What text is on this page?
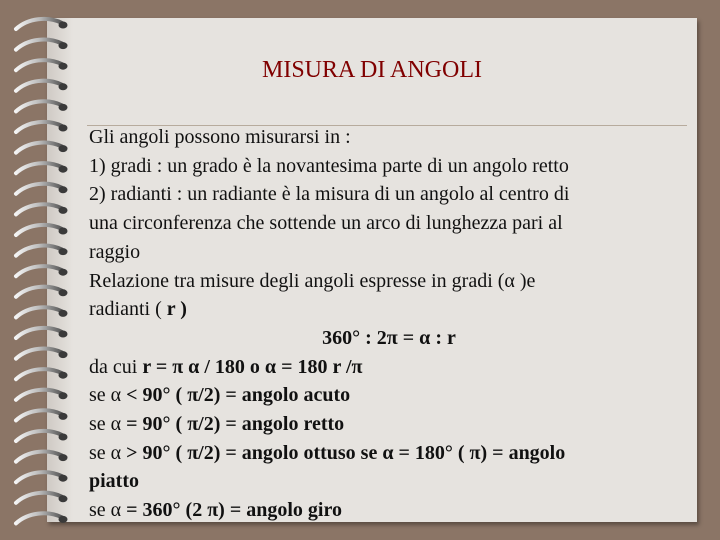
MISURA DI ANGOLI
Gli angoli possono misurarsi in :
1) gradi : un grado è la novantesima parte di un angolo retto
2) radianti : un radiante è la misura di un angolo al centro di
una circonferenza che sottende un arco di lunghezza pari al
raggio
Relazione tra misure degli angoli espresse in gradi (α )e
radianti ( r )
360° : 2π = α : r
da cui r = π α / 180 o α = 180 r /π
se α < 90° ( π/2) = angolo acuto
se α = 90° ( π/2) = angolo retto
se α > 90° ( π/2) = angolo ottuso se α = 180° ( π) = angolo
piatto
se α = 360° (2 π) = angolo giro
